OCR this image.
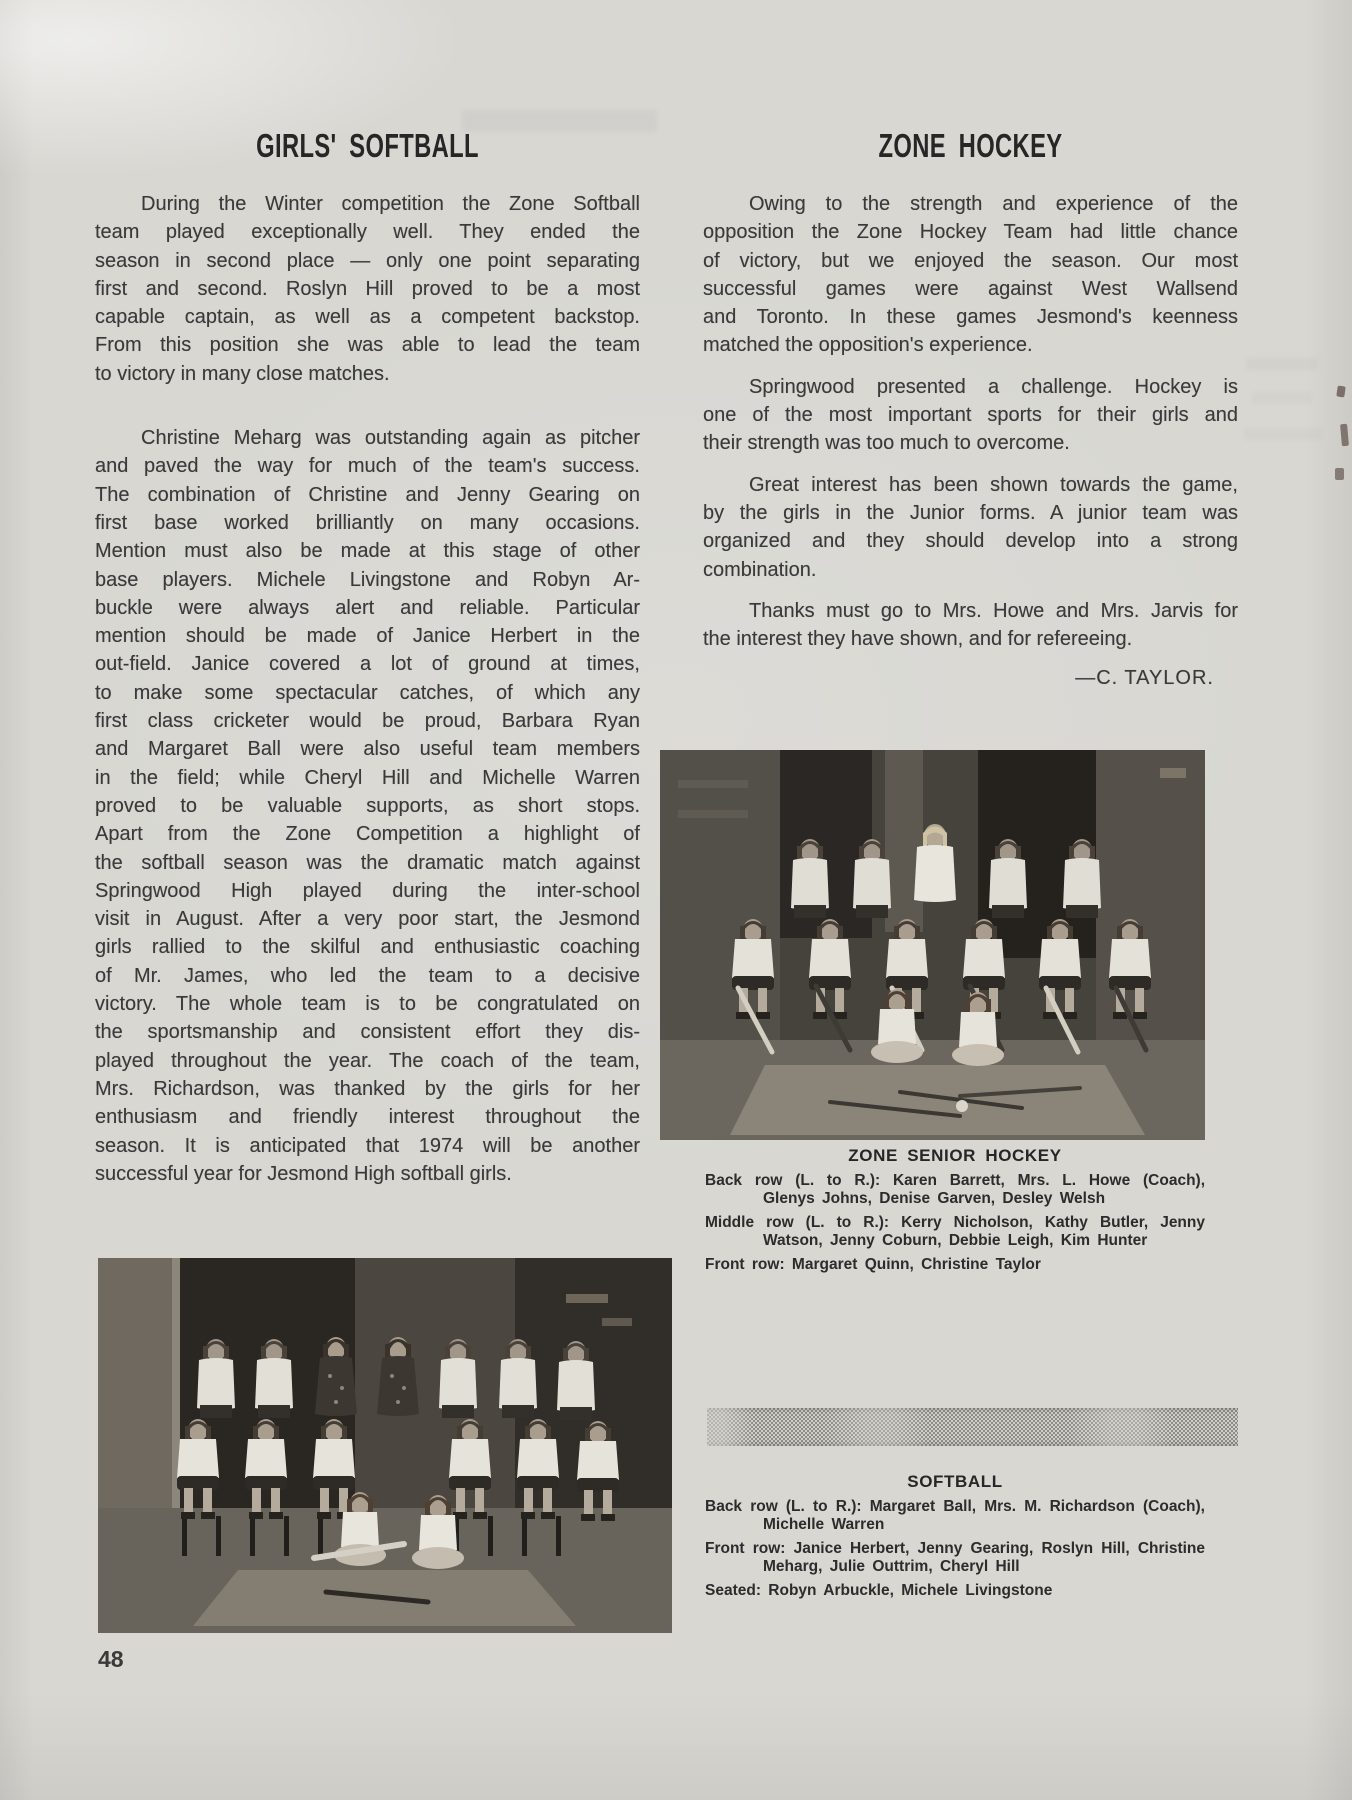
GIRLS' SOFTBALL
During the Winter competition the Zone Softball
team played exceptionally well. They ended the
season in second place — only one point separating
first and second. Roslyn Hill proved to be a most
capable captain, as well as a competent backstop.
From this position she was able to lead the team
to victory in many close matches.
Christine Meharg was outstanding again as pitcher
and paved the way for much of the team's success.
The combination of Christine and Jenny Gearing on
first base worked brilliantly on many occasions.
Mention must also be made at this stage of other
base players. Michele Livingstone and Robyn Ar-
buckle were always alert and reliable. Particular
mention should be made of Janice Herbert in the
out-field. Janice covered a lot of ground at times,
to make some spectacular catches, of which any
first class cricketer would be proud, Barbara Ryan
and Margaret Ball were also useful team members
in the field; while Cheryl Hill and Michelle Warren
proved to be valuable supports, as short stops.
Apart from the Zone Competition a highlight of
the softball season was the dramatic match against
Springwood High played during the inter-school
visit in August. After a very poor start, the Jesmond
girls rallied to the skilful and enthusiastic coaching
of Mr. James, who led the team to a decisive
victory. The whole team is to be congratulated on
the sportsmanship and consistent effort they dis-
played throughout the year. The coach of the team,
Mrs. Richardson, was thanked by the girls for her
enthusiasm and friendly interest throughout the
season. It is anticipated that 1974 will be another
successful year for Jesmond High softball girls.
ZONE HOCKEY
Owing to the strength and experience of the
opposition the Zone Hockey Team had little chance
of victory, but we enjoyed the season. Our most
successful games were against West Wallsend
and Toronto. In these games Jesmond's keenness
matched the opposition's experience.
Springwood presented a challenge. Hockey is
one of the most important sports for their girls and
their strength was too much to overcome.
Great interest has been shown towards the game,
by the girls in the Junior forms. A junior team was
organized and they should develop into a strong
combination.
Thanks must go to Mrs. Howe and Mrs. Jarvis for
the interest they have shown, and for refereeing.
—C. TAYLOR.
ZONE SENIOR HOCKEY
Back row (L. to R.): Karen Barrett, Mrs. L. Howe (Coach),
Glenys Johns, Denise Garven, Desley Welsh
Middle row (L. to R.): Kerry Nicholson, Kathy Butler, Jenny
Watson, Jenny Coburn, Debbie Leigh, Kim Hunter
Front row: Margaret Quinn, Christine Taylor
SOFTBALL
Back row (L. to R.): Margaret Ball, Mrs. M. Richardson (Coach),
Michelle Warren
Front row: Janice Herbert, Jenny Gearing, Roslyn Hill, Christine
Meharg, Julie Outtrim, Cheryl Hill
Seated: Robyn Arbuckle, Michele Livingstone
48
